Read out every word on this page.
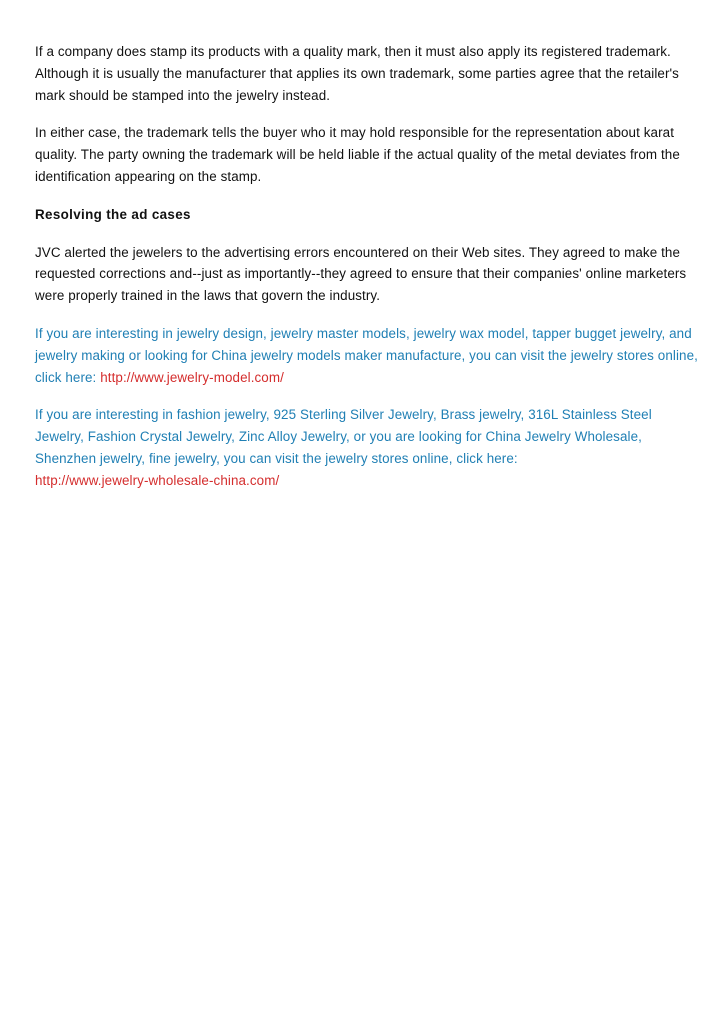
If a company does stamp its products with a quality mark, then it must also apply its registered trademark. Although it is usually the manufacturer that applies its own trademark, some parties agree that the retailer's mark should be stamped into the jewelry instead.

In either case, the trademark tells the buyer who it may hold responsible for the representation about karat quality. The party owning the trademark will be held liable if the actual quality of the metal deviates from the identification appearing on the stamp.

Resolving the ad cases

JVC alerted the jewelers to the advertising errors encountered on their Web sites. They agreed to make the requested corrections and--just as importantly--they agreed to ensure that their companies' online marketers were properly trained in the laws that govern the industry.

If you are interesting in jewelry design, jewelry master models, jewelry wax model, tapper bugget jewelry, and jewelry making or looking for China jewelry models maker manufacture, you can visit the jewelry stores online, click here: http://www.jewelry-model.com/

If you are interesting in fashion jewelry, 925 Sterling Silver Jewelry, Brass jewelry, 316L Stainless Steel Jewelry, Fashion Crystal Jewelry, Zinc Alloy Jewelry, or you are looking for China Jewelry Wholesale, Shenzhen jewelry, fine jewelry, you can visit the jewelry stores online, click here:
http://www.jewelry-wholesale-china.com/
